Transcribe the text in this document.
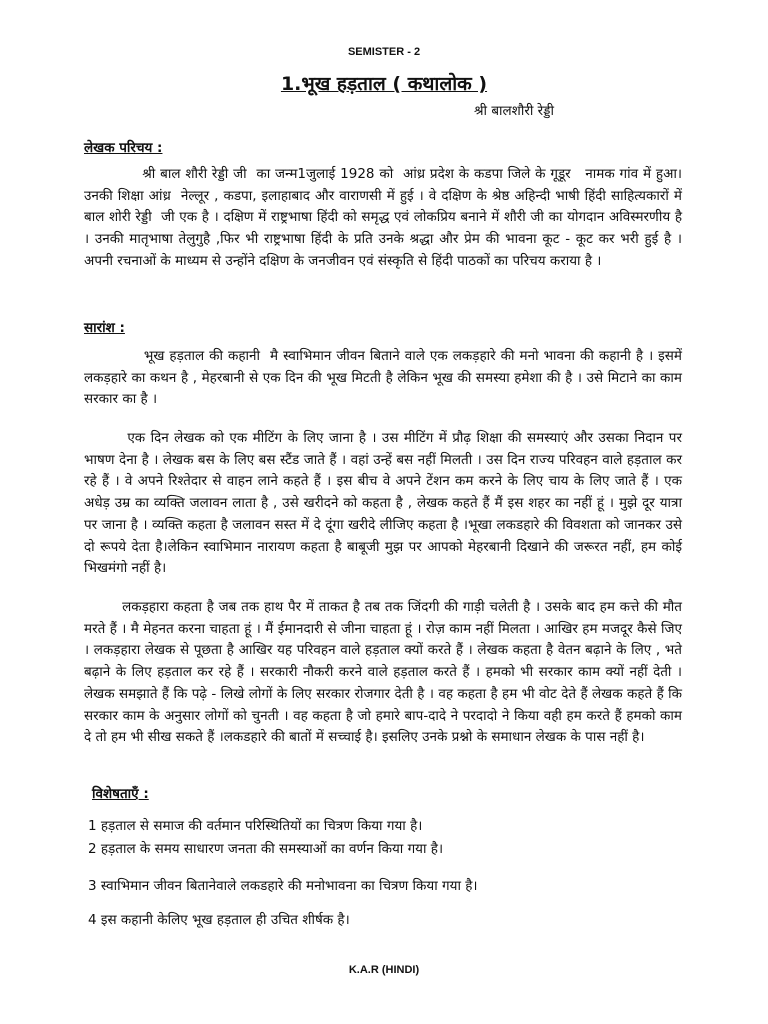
SEMISTER - 2
1.भूख हड़ताल ( कथालोक )
श्री बालशौरी रेड्डी
लेखक परिचय :

श्री बाल शौरी रेड्डी जी  का जन्म1जुलाई 1928 को  आंध्र प्रदेश के कडपा जिले के गूडूर   नामक गांव में हुआ।उनकी शिक्षा आंध्र  नेल्लूर , कडपा, इलाहाबाद और वाराणसी में हुई । वे दक्षिण के श्रेष्ठ अहिन्दी भाषी हिंदी साहित्यकारों में बाल शोरी रेड्डी  जी एक है । दक्षिण में राष्ट्रभाषा हिंदी को समृद्ध एवं लोकप्रिय बनाने में शौरी जी का योगदान अविस्मरणीय है । उनकी मातृभाषा तेलुगुहै ,फिर भी राष्ट्रभाषा हिंदी के प्रति उनके श्रद्धा और प्रेम की भावना कूट - कूट कर भरी हुई है । अपनी रचनाओं के माध्यम से उन्होंने दक्षिण के जनजीवन एवं संस्कृति से हिंदी पाठकों का परिचय कराया है ।

सारांश :

भूख हड़ताल की कहानी  मै स्वाभिमान जीवन बिताने वाले एक लकड़हारे की मनो भावना की कहानी है । इसमें लकड़हारे का कथन है , मेहरबानी से एक दिन की भूख मिटती है लेकिन भूख की समस्या हमेशा की है । उसे मिटाने का काम सरकार का है ।

एक दिन लेखक को एक मीटिंग के लिए जाना है । उस मीटिंग में प्रौढ़ शिक्षा की समस्याएं और उसका निदान पर भाषण देना है । लेखक बस के लिए बस स्टैंड जाते हैं । वहां उन्हें बस नहीं मिलती । उस दिन राज्य परिवहन वाले हड़ताल कर रहे हैं । वे अपने रिश्तेदार से वाहन लाने कहते हैं । इस बीच वे अपने टेंशन कम करने के लिए चाय के लिए जाते हैं । एक अधेड़ उम्र का व्यक्ति जलावन लाता है , उसे खरीदने को कहता है , लेखक कहते हैं मैं इस शहर का नहीं हूं । मुझे दूर यात्रा पर जाना है । व्यक्ति कहता है जलावन सस्त में दे दूंगा खरीदे लीजिए कहता है ।भूखा लकडहारे की विवशता को जानकर उसे दो रूपये देता है।लेकिन स्वाभिमान नारायण कहता है बाबूजी मुझ पर आपको मेहरबानी दिखाने की जरूरत नहीं, हम कोई भिखमंगो नहीं है।

लकड़हारा कहता है जब तक हाथ पैर में ताकत है तब तक जिंदगी की गाड़ी चलेती है । उसके बाद हम कत्ते की मौत मरते हैं । मै मेहनत करना चाहता हूं । मैं ईमानदारी से जीना चाहता हूं । रोज़ काम नहीं मिलता । आखिर हम मजदूर कैसे जिए । लकड़हारा लेखक से पूछता है आखिर यह परिवहन वाले हड़ताल क्यों करते हैं । लेखक कहता है वेतन बढ़ाने के लिए , भते बढ़ाने के लिए हड़ताल कर रहे हैं । सरकारी नौकरी करने वाले हड़ताल करते हैं । हमको भी सरकार काम क्यों नहीं देती । लेखक समझाते हैं कि पढ़े - लिखे लोगों के लिए सरकार रोजगार देती है । वह कहता है हम भी वोट देते हैं लेखक कहते हैं कि सरकार काम के अनुसार लोगों को चुनती । वह कहता है जो हमारे बाप-दादे ने परदादो ने किया वही हम करते हैं हमको काम दे तो हम भी सीख सकते हैं ।लकडहारे की बातों में सच्चाई है। इसलिए उनके प्रश्नो के समाधान लेखक के पास नहीं है।

विशेषताएँ :

1 हड़ताल से समाज की वर्तमान परिस्थितियों का चित्रण किया गया है।

2 हड़ताल के समय साधारण जनता की समस्याओं का वर्णन किया गया है।

3 स्वाभिमान जीवन बितानेवाले लकडहारे की मनोभावना का चित्रण किया गया है।

4 इस कहानी केलिए भूख हड़ताल ही उचित शीर्षक है।

K.A.R (HINDI)
